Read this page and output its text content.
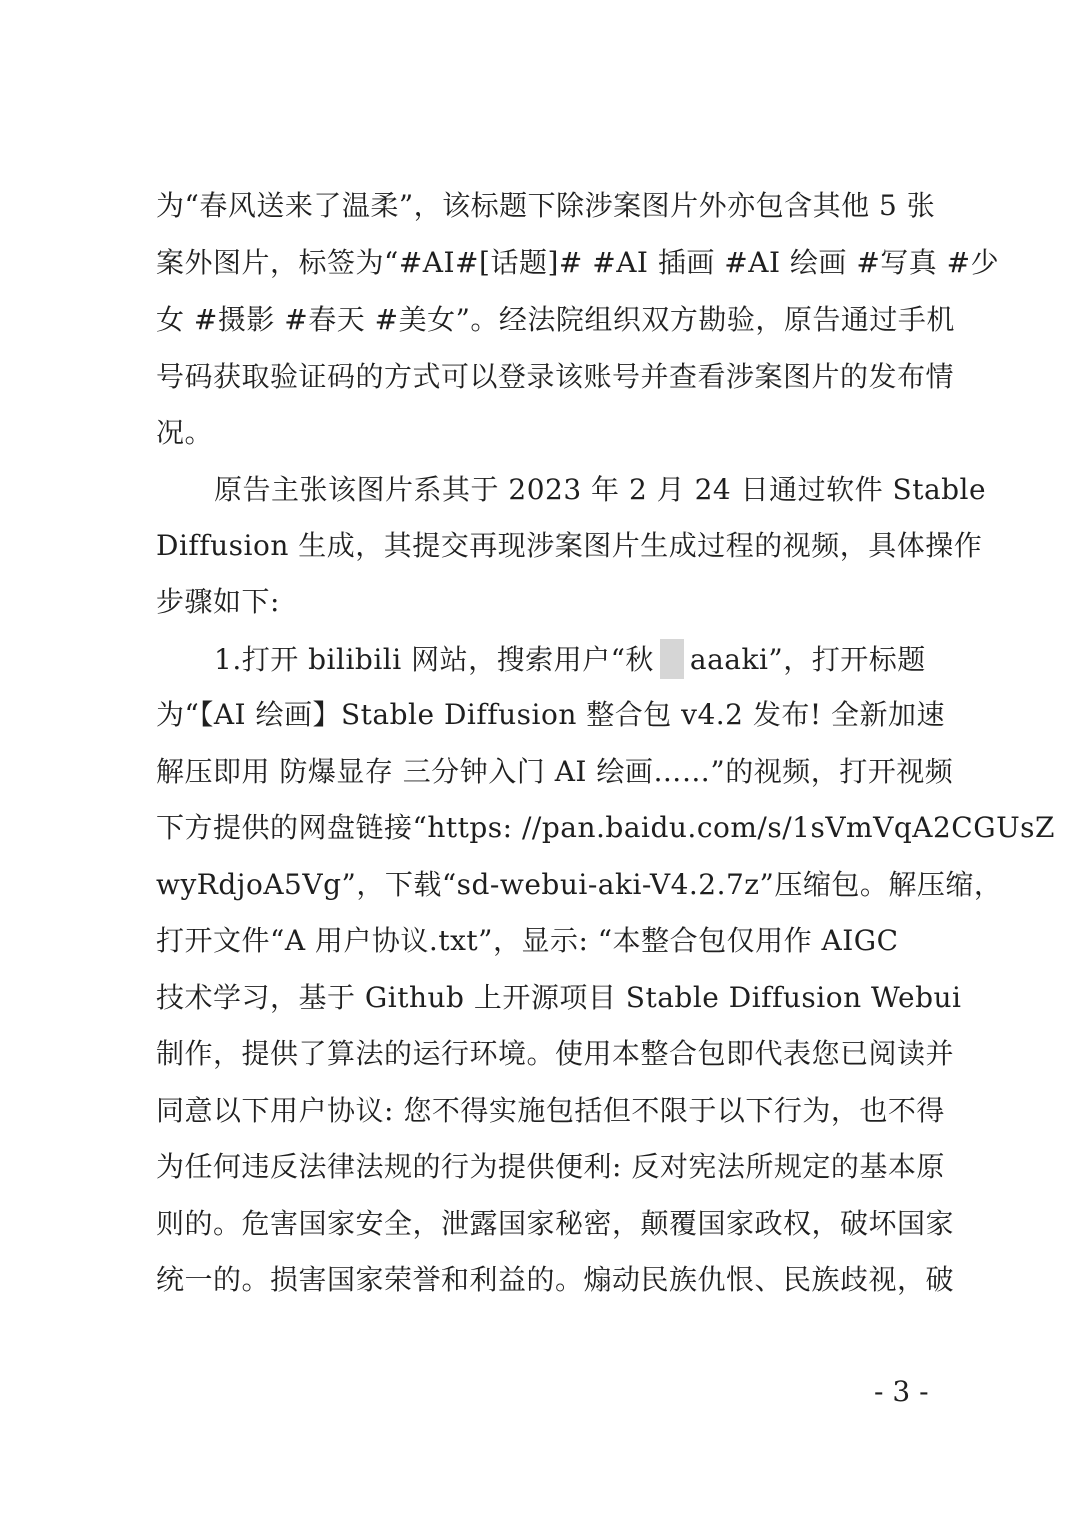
为“春风送来了温柔”，该标题下除涉案图片外亦包含其他 5 张
案外图片，标签为“#AI#[话题]# #AI 插画 #AI 绘画 #写真 #少
女 #摄影 #春天 #美女”。经法院组织双方勘验，原告通过手机
号码获取验证码的方式可以登录该账号并查看涉案图片的发布情
况。
原告主张该图片系其于 2023 年 2 月 24 日通过软件 Stable
Diffusion 生成，其提交再现涉案图片生成过程的视频，具体操作
步骤如下:
1.打开 bilibili 网站，搜索用户“秋 aaaki”，打开标题
为“【AI 绘画】Stable Diffusion 整合包 v4.2 发布! 全新加速
解压即用 防爆显存 三分钟入门 AI 绘画……”的视频，打开视频
下方提供的网盘链接“https: //pan.baidu.com/s/1sVmVqA2CGUsZ
wyRdjoA5Vg”，下载“sd-webui-aki-V4.2.7z”压缩包。解压缩，
打开文件“A 用户协议.txt”，显示: “本整合包仅用作 AIGC
技术学习，基于 Github 上开源项目 Stable Diffusion Webui
制作，提供了算法的运行环境。使用本整合包即代表您已阅读并
同意以下用户协议: 您不得实施包括但不限于以下行为，也不得
为任何违反法律法规的行为提供便利: 反对宪法所规定的基本原
则的。危害国家安全，泄露国家秘密，颠覆国家政权，破坏国家
统一的。损害国家荣誉和利益的。煽动民族仇恨、民族歧视，破
- 3 -
